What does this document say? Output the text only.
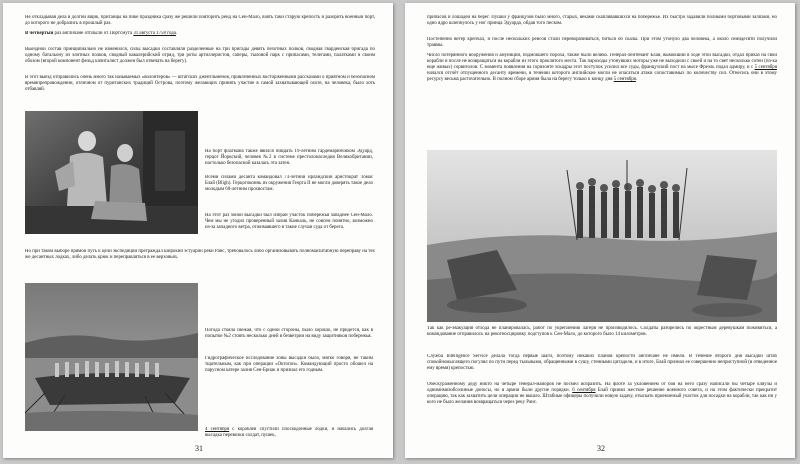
Не откладывая дела в долгий ящик, британцы на пике праздника сразу же решили повторить рейд на Сен-Мало, взять таки старую крепость и разорить военный порт, до которого не добрались в прошлый раз.

В четвертый раз англичане отплыли от Портсмута 31 августа 1758 года.

Выездной состав принципиально не изменился, силы высадки составляли разделенные на три бригады девять пехотных полков, сводная гвардейская бригада по одному батальону из элитных полков, сводный кавалерийский отряд, три роты артиллеристов, саперы, тыловой парк с припасами, телегами, палатками и своим обозом (второй компонент фельд капиталист должен был отвечать на берегу).

В этот выезд отправились очень много так называемых «волонтеров» — штатских джентльменов, привлеченных восторженными рассказами о приятном и безопасном времяпрепровождении, отличном от пуританских традиций Острова, поэтому желающих принять участие в самой захватывающей охоте, на человека, было хоть отбавляй.

На борт флагмана также явился пиццать 19-летним гардемаринчиком Эдуард, герцог Йоркский, человек №2 в системе престолонаследия Великобритании, настолько безопасной казалась эта затея.

Всеми силами десанта командовал 73-летний ирландский аристократ Томас Блай (Bligh). Герцогоконнь из окружения Георга II не могли доверять такое дело молодым 60-летним прохвостам.

На этот раз зоной высадки был избран участок побережья западнее Сен-Мало. Чем мы не угодил проверенный залив Канкаль, не совсем понятно, возможно из-за западного ветра, отжимавшего в такие случаи суда от берега.

Но при таком выборе прямой путь к цели экспедиции преграждал широкий эстуарий реки Ранс, требовалось либо организовывать полномасштабную переправу на тех же десантных лодках, либо делать крюк и переправляться в ее верховьях.

Погода стояла свежая, что с одной стороны, было хорошо, не придется, как в попытке №2 стоять несколько дней в безветрии на виду защитников побережья.

Гидрографическое исследование зоны высадки было, мягко говоря, не таким тщательным, как при операции «Октогон». Командующий просто обошел на парусном катере залив Сен-Бриак и признал его годным.

4 сентября с кораблей спустили плоскодонные лодки, и начались долгая высадка перевозки солдат, пушек,

31

припасов и лошадей на берег. Пушки у французов было много, старых, веками скапливавшихся на побережье. Их быстро задавили полными бортовыми залпами, но одно ядро шлепнулось у ног принца Эдуарда, обдав того песком.

Постепенно ветер крепчал, и после нескольких рейсов стали переворачиваться, биться об скалы. При этом утонуло два человека, а около семидесяти получили травмы.

Число потерянного вооружения и амуниции, подмокшего пороха, также было велико. Генерал-лейтенант Блай, вымокший в ходе этой высадки, отдал приказ на свои корабли и после не возвращаться на корабли из этого проклятого места. Так пароходы утонувших моторы уже не выходили с своей и на то свет несколько сотен (по-ка еще живых) сорвиголов. С момента появления на горизонте эскадры этот поступок усилил все суды, французский пост на мысе Фреэль подал адмиру, и с 5 сентября начался отсчёт отпущенного десанту времени, в течении которого английские могли не опасаться атаки сопоставимых по количеству сил. Отнесись они в этому ресурсу весьма расточительно. В полном сборе армия была на берегу только к концу дня 5 сентября.

Так как ре-эвакуация отхода не планировалась, работ по укреплению лагеря не производилось. Солдаты разбрелись по окрестным деревушкам поживиться, а командование отправилось на рекогносцировку подступов к Сен-Мало, до которого было 14 километров.

Служба Intelligence Service делала тогда первые шаги, поэтому никаких планов крепости англичане не имели. В течение второго дня высадки штаб спокойномыслящего погулял по пути перед тыльными, обращенными в сушу, стенными цитадели, и в итоге, Блай признал ее совершенно неприступной (в отведенное ему время) крепостью.

Обескураженному деду никто на четыре генерал-майоров не посмел возразить. На флоте за укловением от боя на него сразу написали бы четыре кляузы и однимимизобоэлиные доносы, но в армии были другие порядки. 6 сентября Блай принял жесткое решение военного совета, и на этом фактически прекратит операцию, так как захватить цели операции не вышло. Штабные офицеры получили новую задачу, отыскать приемлемый участок для посадки на корабли, так как ни у кого не было желания возвращаться через реку Ранс.

32
